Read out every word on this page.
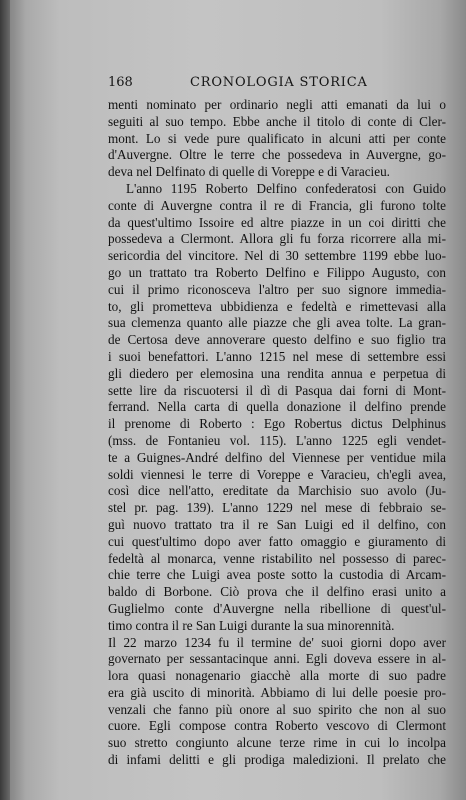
168	CRONOLOGIA STORICA
menti nominato per ordinario negli atti emanati da lui o
seguiti al suo tempo. Ebbe anche il titolo di conte di Cler-
mont. Lo si vede pure qualificato in alcuni atti per conte
d'Auvergne. Oltre le terre che possedeva in Auvergne, go-
deva nel Delfinato di quelle di Voreppe e di Varacieu.
L'anno 1195 Roberto Delfino confederatosi con Guido
conte di Auvergne contra il re di Francia, gli furono tolte
da quest'ultimo Issoire ed altre piazze in un coi diritti che
possedeva a Clermont. Allora gli fu forza ricorrere alla mi-
sericordia del vincitore. Nel di 30 settembre 1199 ebbe luo-
go un trattato tra Roberto Delfino e Filippo Augusto, con
cui il primo riconosceva l'altro per suo signore immedia-
to, gli prometteva ubbidienza e fedeltà e rimettevasi alla
sua clemenza quanto alle piazze che gli avea tolte. La gran-
de Certosa deve annoverare questo delfino e suo figlio tra
i suoi benefattori. L'anno 1215 nel mese di settembre essi
gli diedero per elemosina una rendita annua e perpetua di
sette lire da riscuotersi il dì di Pasqua dai forni di Mont-
ferrand. Nella carta di quella donazione il delfino prende
il prenome di Roberto : Ego Robertus dictus Delphinus
(mss. de Fontanieu vol. 115). L'anno 1225 egli vendet-
te a Guignes-André delfino del Viennese per ventidue mila
soldi viennesi le terre di Voreppe e Varacieu, ch'egli avea,
così dice nell'atto, ereditate da Marchisio suo avolo (Ju-
stel pr. pag. 139). L'anno 1229 nel mese di febbraio se-
guì nuovo trattato tra il re San Luigi ed il delfino, con
cui quest'ultimo dopo aver fatto omaggio e giuramento di
fedeltà al monarca, venne ristabilito nel possesso di parec-
chie terre che Luigi avea poste sotto la custodia di Arcam-
baldo di Borbone. Ciò prova che il delfino erasi unito a
Guglielmo conte d'Auvergne nella ribellione di quest'ul-
timo contra il re San Luigi durante la sua minorennità.
Il 22 marzo 1234 fu il termine de' suoi giorni dopo aver
governato per sessantacinque anni. Egli doveva essere in al-
lora quasi nonagenario giacchè alla morte di suo padre
era già uscito di minorità. Abbiamo di lui delle poesie pro-
venzali che fanno più onore al suo spirito che non al suo
cuore. Egli compose contra Roberto vescovo di Clermont
suo stretto congiunto alcune terze rime in cui lo incolpa
di infami delitti e gli prodiga maledizioni. Il prelato che
